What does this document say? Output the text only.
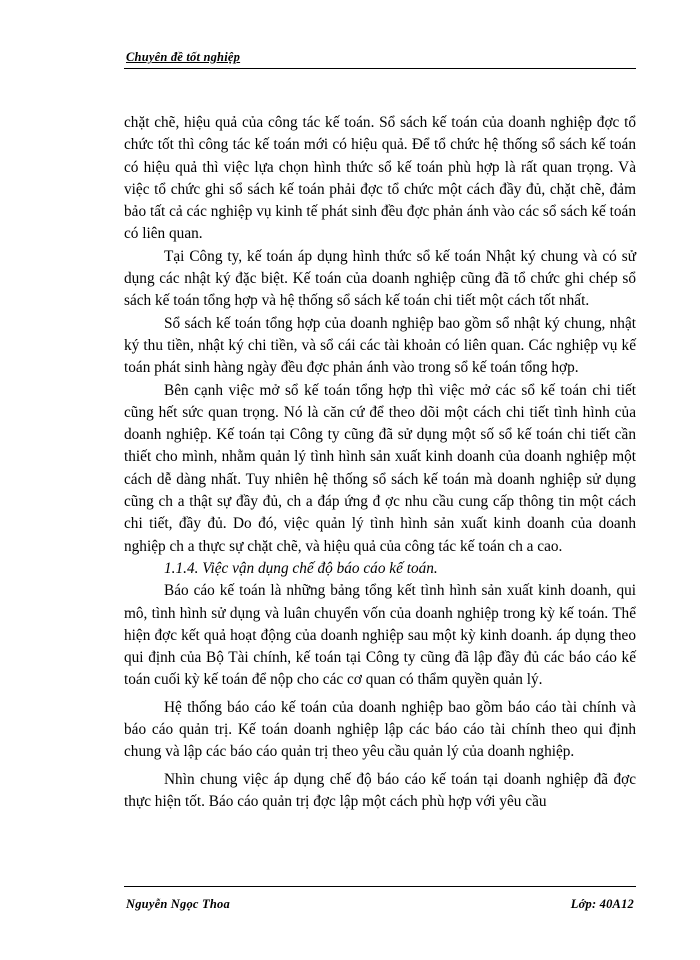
Chuyên đề tốt nghiệp

chặt chẽ, hiệu quả của công tác kế toán. Sổ sách kế toán của doanh nghiệp đợc tổ chức tốt thì công tác kế toán mới có hiệu quả. Để tổ chức hệ thống sổ sách kế toán có hiệu quả thì việc lựa chọn hình thức sổ kế toán phù hợp là rất quan trọng. Và việc tổ chức ghi sổ sách kế toán phải đợc tổ chức một cách đầy đủ, chặt chẽ, đảm bảo tất cả các nghiệp vụ kinh tế phát sinh đều đợc phản ánh vào các sổ sách kế toán có liên quan.

Tại Công ty, kế toán áp dụng hình thức sổ kế toán Nhật ký chung và có sử dụng các nhật ký đặc biệt. Kế toán của doanh nghiệp cũng đã tổ chức ghi chép sổ sách kế toán tổng hợp và hệ thống sổ sách kế toán chi tiết một cách tốt nhất.

Sổ sách kế toán tổng hợp của doanh nghiệp bao gồm sổ nhật ký chung, nhật ký thu tiền, nhật ký chi tiền, và sổ cái các tài khoản có liên quan. Các nghiệp vụ kế toán phát sinh hàng ngày đều đợc phản ánh vào trong sổ kế toán tổng hợp.

Bên cạnh việc mở sổ kế toán tổng hợp thì việc mở các sổ kế toán chi tiết cũng hết sức quan trọng. Nó là căn cứ để theo dõi một cách chi tiết tình hình của doanh nghiệp. Kế toán tại Công ty cũng đã sử dụng một số sổ kế toán chi tiết cần thiết cho mình, nhằm quản lý tình hình sản xuất kinh doanh của doanh nghiệp một cách dễ dàng nhất. Tuy nhiên hệ thống sổ sách kế toán mà doanh nghiệp sử dụng cũng ch a thật sự đầy đủ, ch a đáp ứng đ ợc nhu cầu cung cấp thông tin một cách chi tiết, đầy đủ. Do đó, việc quản lý tình hình sản xuất kinh doanh của doanh nghiệp ch a thực sự chặt chẽ, và hiệu quả của công tác kế toán ch a cao.

1.1.4. Việc vận dụng chế độ báo cáo kế toán.

Báo cáo kế toán là những bảng tổng kết tình hình sản xuất kinh doanh, qui mô, tình hình sử dụng và luân chuyển vốn của doanh nghiệp trong kỳ kế toán. Thể hiện đợc kết quả hoạt động của doanh nghiệp sau một kỳ kinh doanh. áp dụng theo qui định của Bộ Tài chính, kế toán tại Công ty cũng đã lập đầy đủ các báo cáo kế toán cuối kỳ kế toán để nộp cho các cơ quan có thẩm quyền quản lý.

Hệ thống báo cáo kế toán của doanh nghiệp bao gồm báo cáo tài chính và báo cáo quản trị. Kế toán doanh nghiệp lập các báo cáo tài chính theo qui định chung và lập các báo cáo quản trị theo yêu cầu quản lý của doanh nghiệp.

Nhìn chung việc áp dụng chế độ báo cáo kế toán tại doanh nghiệp đã đợc thực hiện tốt. Báo cáo quản trị đợc lập một cách phù hợp với yêu cầu

Nguyễn Ngọc Thoa	Lớp: 40A12
